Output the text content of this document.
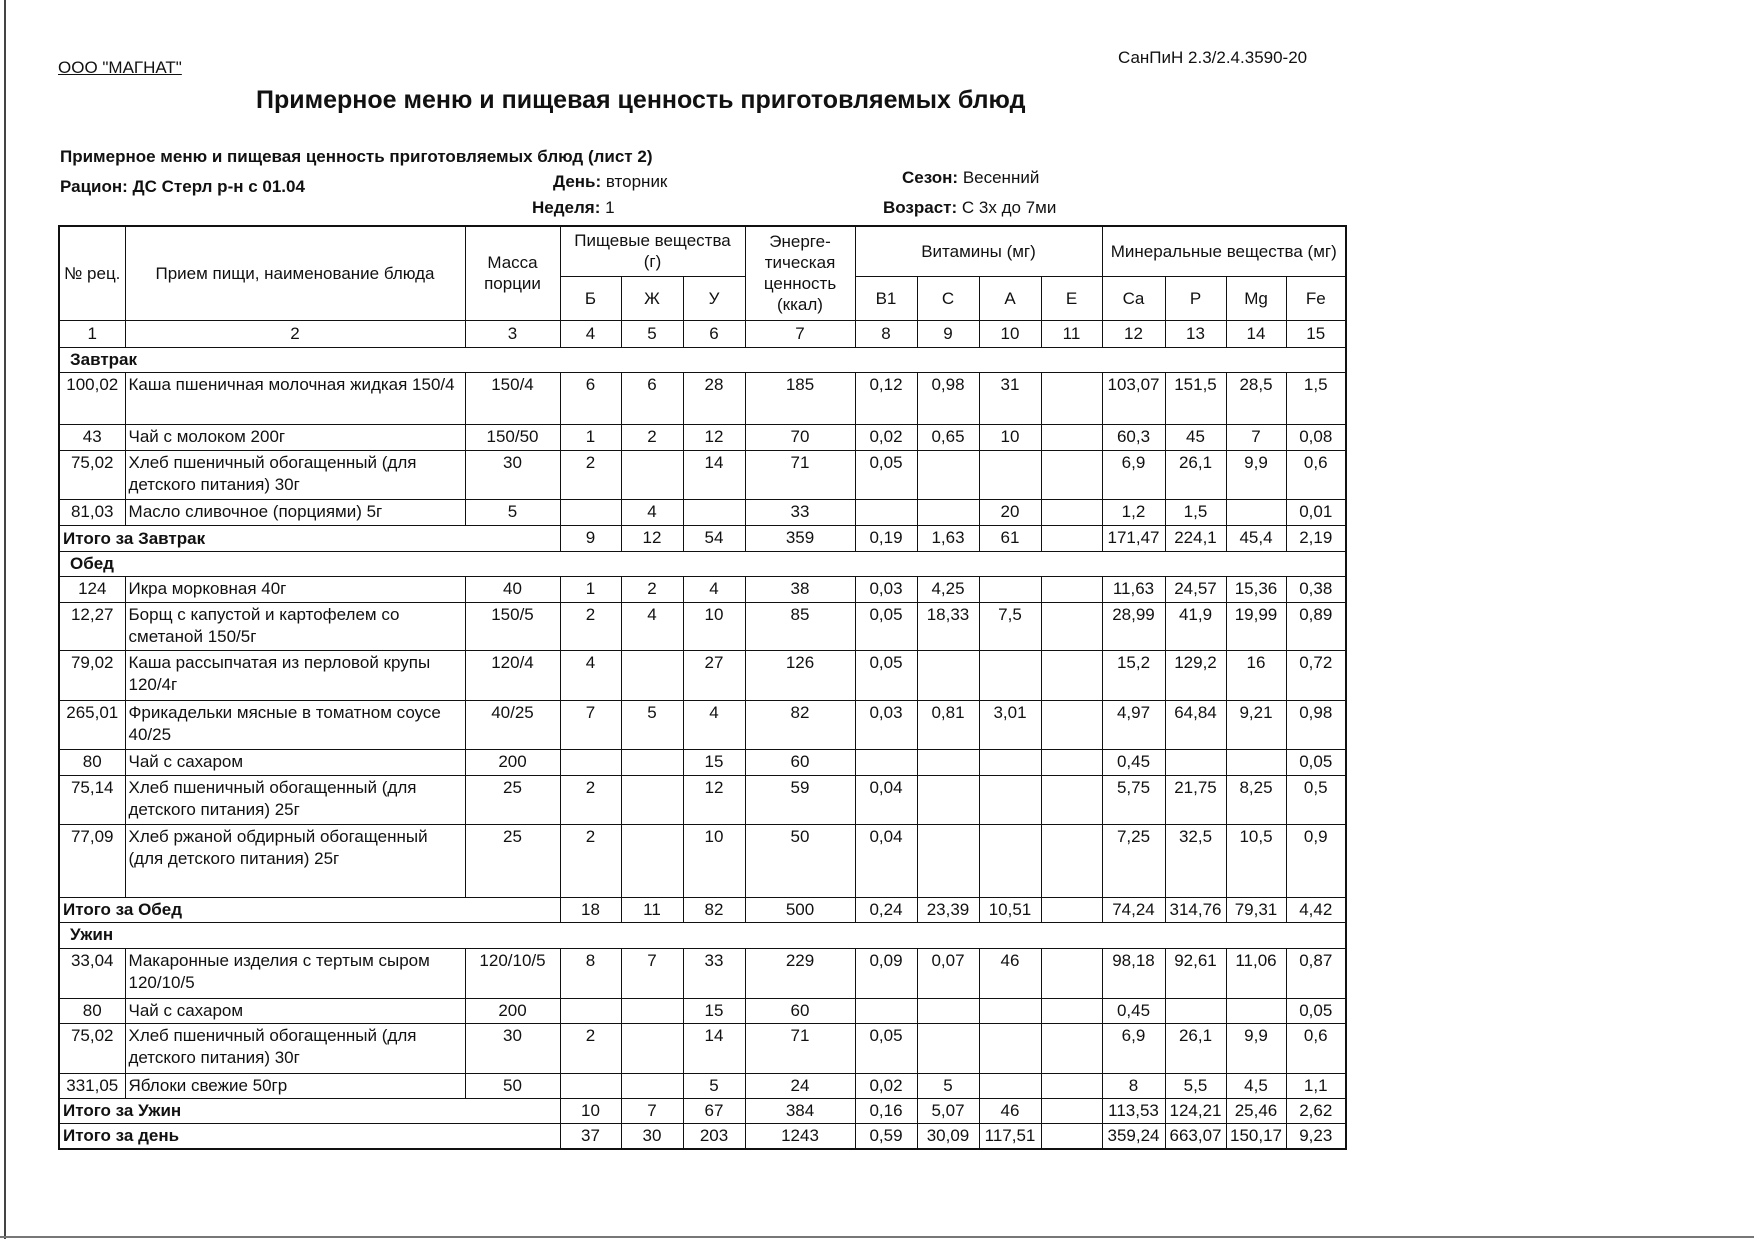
ООО "МАГНАТ"
СанПиН 2.3/2.4.3590-20
Примерное меню и пищевая ценность приготовляемых блюд
Примерное меню и пищевая ценность приготовляемых блюд (лист 2)
Рацион: ДС Стерл р-н с 01.04	День: вторник
Неделя: 1
Сезон: Весенний
Возраст: С 3х до 7ми
№ рец.	Прием пищи, наименование блюда	Масса порции	Пищевые вещества (г)			Энерге-тическая ценность (ккал)	Витамины (мг)				Минеральные вещества (мг)			
			Б	Ж	У		B1	C	A	E	Ca	P	Mg	Fe
1	2	3	4	5	6	7	8	9	10	11	12	13	14	15
Завтрак														
100,02	Каша пшеничная молочная жидкая 150/4	150/4	6	6	28	185	0,12	0,98	31		103,07	151,5	28,5	1,5
43	Чай с молоком 200г	150/50	1	2	12	70	0,02	0,65	10		60,3	45	7	0,08
75,02	Хлеб пшеничный обогащенный (для детского питания) 30г	30	2		14	71	0,05				6,9	26,1	9,9	0,6
81,03	Масло сливочное (порциями) 5г	5		4		33			20		1,2	1,5		0,01
Итого за Завтрак			9	12	54	359	0,19	1,63	61		171,47	224,1	45,4	2,19
Обед														
124	Икра морковная 40г	40	1	2	4	38	0,03	4,25			11,63	24,57	15,36	0,38
12,27	Борщ с капустой и картофелем со сметаной 150/5г	150/5	2	4	10	85	0,05	18,33	7,5		28,99	41,9	19,99	0,89
79,02	Каша рассыпчатая из перловой крупы 120/4г	120/4	4		27	126	0,05				15,2	129,2	16	0,72
265,01	Фрикадельки мясные в томатном соусе 40/25	40/25	7	5	4	82	0,03	0,81	3,01		4,97	64,84	9,21	0,98
80	Чай с сахаром	200			15	60					0,45			0,05
75,14	Хлеб пшеничный обогащенный (для детского питания) 25г	25	2		12	59	0,04				5,75	21,75	8,25	0,5
77,09	Хлеб ржаной обдирный обогащенный (для детского питания) 25г	25	2		10	50	0,04				7,25	32,5	10,5	0,9
Итого за Обед			18	11	82	500	0,24	23,39	10,51		74,24	314,76	79,31	4,42
Ужин														
33,04	Макаронные изделия с тертым сыром 120/10/5	120/10/5	8	7	33	229	0,09	0,07	46		98,18	92,61	11,06	0,87
80	Чай с сахаром	200			15	60					0,45			0,05
75,02	Хлеб пшеничный обогащенный (для детского питания) 30г	30	2		14	71	0,05				6,9	26,1	9,9	0,6
331,05	Яблоки свежие 50гр	50			5	24	0,02	5			8	5,5	4,5	1,1
Итого за Ужин			10	7	67	384	0,16	5,07	46		113,53	124,21	25,46	2,62
Итого за день			37	30	203	1243	0,59	30,09	117,51		359,24	663,07	150,17	9,23
